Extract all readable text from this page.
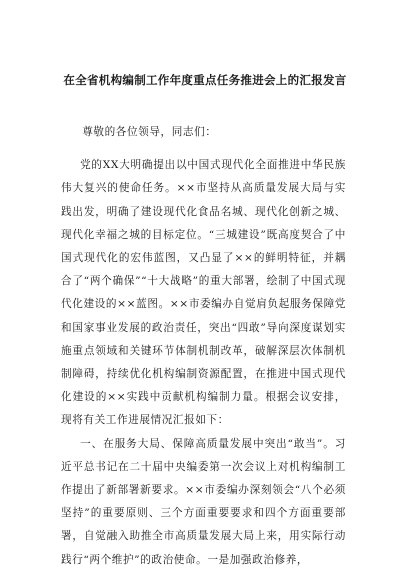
在全省机构编制工作年度重点任务推进会上的汇报发言

尊敬的各位领导，同志们：

党的XX大明确提出以中国式现代化全面推进中华民族伟大复兴的使命任务。××市坚持从高质量发展大局与实践出发，明确了建设现代化食品名城、现代化创新之城、现代化幸福之城的目标定位。“三城建设”既高度契合了中国式现代化的宏伟蓝图，又凸显了××的鲜明特征，并耦合了“两个确保”“十大战略”的重大部署，绘制了中国式现代化建设的××蓝图。××市委编办自觉肩负起服务保障党和国家事业发展的政治责任，突出“四敢”导向深度谋划实施重点领域和关键环节体制机制改革，破解深层次体制机制障碍，持续优化机构编制资源配置，在推进中国式现代化建设的××实践中贡献机构编制力量。根据会议安排，现将有关工作进展情况汇报如下：

一、在服务大局、保障高质量发展中突出“敢当”。习近平总书记在二十届中央编委第一次会议上对机构编制工作提出了新部署新要求。××市委编办深刻领会“八个必须坚持”的重要原则、三个方面重要要求和四个方面重要部署，自觉融入助推全市高质量发展大局上来，用实际行动践行“两个维护”的政治使命。一是加强政治修养，
